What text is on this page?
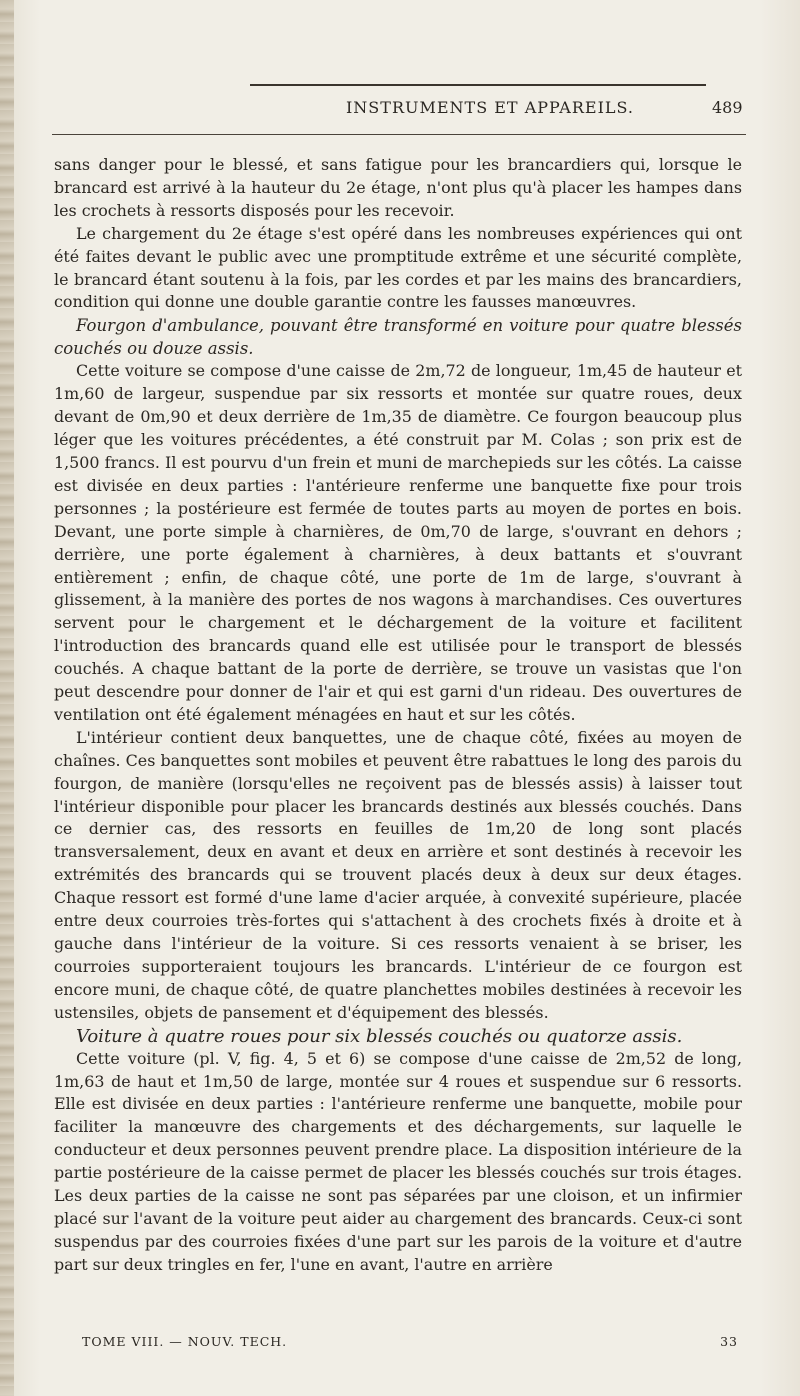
INSTRUMENTS ET APPAREILS.	489

sans danger pour le blessé, et sans fatigue pour les brancardiers qui, lorsque le brancard est arrivé à la hauteur du 2e étage, n'ont plus qu'à placer les hampes dans les crochets à ressorts disposés pour les recevoir.

Le chargement du 2e étage s'est opéré dans les nombreuses expériences qui ont été faites devant le public avec une promptitude extrême et une sécurité complète, le brancard étant soutenu à la fois, par les cordes et par les mains des brancardiers, condition qui donne une double garantie contre les fausses manœuvres.

Fourgon d'ambulance, pouvant être transformé en voiture pour quatre blessés couchés ou douze assis.

Cette voiture se compose d'une caisse de 2m,72 de longueur, 1m,45 de hauteur et 1m,60 de largeur, suspendue par six ressorts et montée sur quatre roues, deux devant de 0m,90 et deux derrière de 1m,35 de diamètre. Ce fourgon beaucoup plus léger que les voitures précédentes, a été construit par M. Colas ; son prix est de 1,500 francs. Il est pourvu d'un frein et muni de marchepieds sur les côtés. La caisse est divisée en deux parties : l'antérieure renferme une banquette fixe pour trois personnes ; la postérieure est fermée de toutes parts au moyen de portes en bois. Devant, une porte simple à charnières, de 0m,70 de large, s'ouvrant en dehors ; derrière, une porte également à charnières, à deux battants et s'ouvrant entièrement ; enfin, de chaque côté, une porte de 1m de large, s'ouvrant à glissement, à la manière des portes de nos wagons à marchandises. Ces ouvertures servent pour le chargement et le déchargement de la voiture et facilitent l'introduction des brancards quand elle est utilisée pour le transport de blessés couchés. A chaque battant de la porte de derrière, se trouve un vasistas que l'on peut descendre pour donner de l'air et qui est garni d'un rideau. Des ouvertures de ventilation ont été également ménagées en haut et sur les côtés.

L'intérieur contient deux banquettes, une de chaque côté, fixées au moyen de chaînes. Ces banquettes sont mobiles et peuvent être rabattues le long des parois du fourgon, de manière (lorsqu'elles ne reçoivent pas de blessés assis) à laisser tout l'intérieur disponible pour placer les brancards destinés aux blessés couchés. Dans ce dernier cas, des ressorts en feuilles de 1m,20 de long sont placés transversalement, deux en avant et deux en arrière et sont destinés à recevoir les extrémités des brancards qui se trouvent placés deux à deux sur deux étages. Chaque ressort est formé d'une lame d'acier arquée, à convexité supérieure, placée entre deux courroies très-fortes qui s'attachent à des crochets fixés à droite et à gauche dans l'intérieur de la voiture. Si ces ressorts venaient à se briser, les courroies supporteraient toujours les brancards. L'intérieur de ce fourgon est encore muni, de chaque côté, de quatre planchettes mobiles destinées à recevoir les ustensiles, objets de pansement et d'équipement des blessés.

Voiture à quatre roues pour six blessés couchés ou quatorze assis.

Cette voiture (pl. V, fig. 4, 5 et 6) se compose d'une caisse de 2m,52 de long, 1m,63 de haut et 1m,50 de large, montée sur 4 roues et suspendue sur 6 ressorts. Elle est divisée en deux parties : l'antérieure renferme une banquette, mobile pour faciliter la manœuvre des chargements et des déchargements, sur laquelle le conducteur et deux personnes peuvent prendre place. La disposition intérieure de la partie postérieure de la caisse permet de placer les blessés couchés sur trois étages. Les deux parties de la caisse ne sont pas séparées par une cloison, et un infirmier placé sur l'avant de la voiture peut aider au chargement des brancards. Ceux-ci sont suspendus par des courroies fixées d'une part sur les parois de la voiture et d'autre part sur deux tringles en fer, l'une en avant, l'autre en arrière

TOME VIII. — NOUV. TECH.	33
